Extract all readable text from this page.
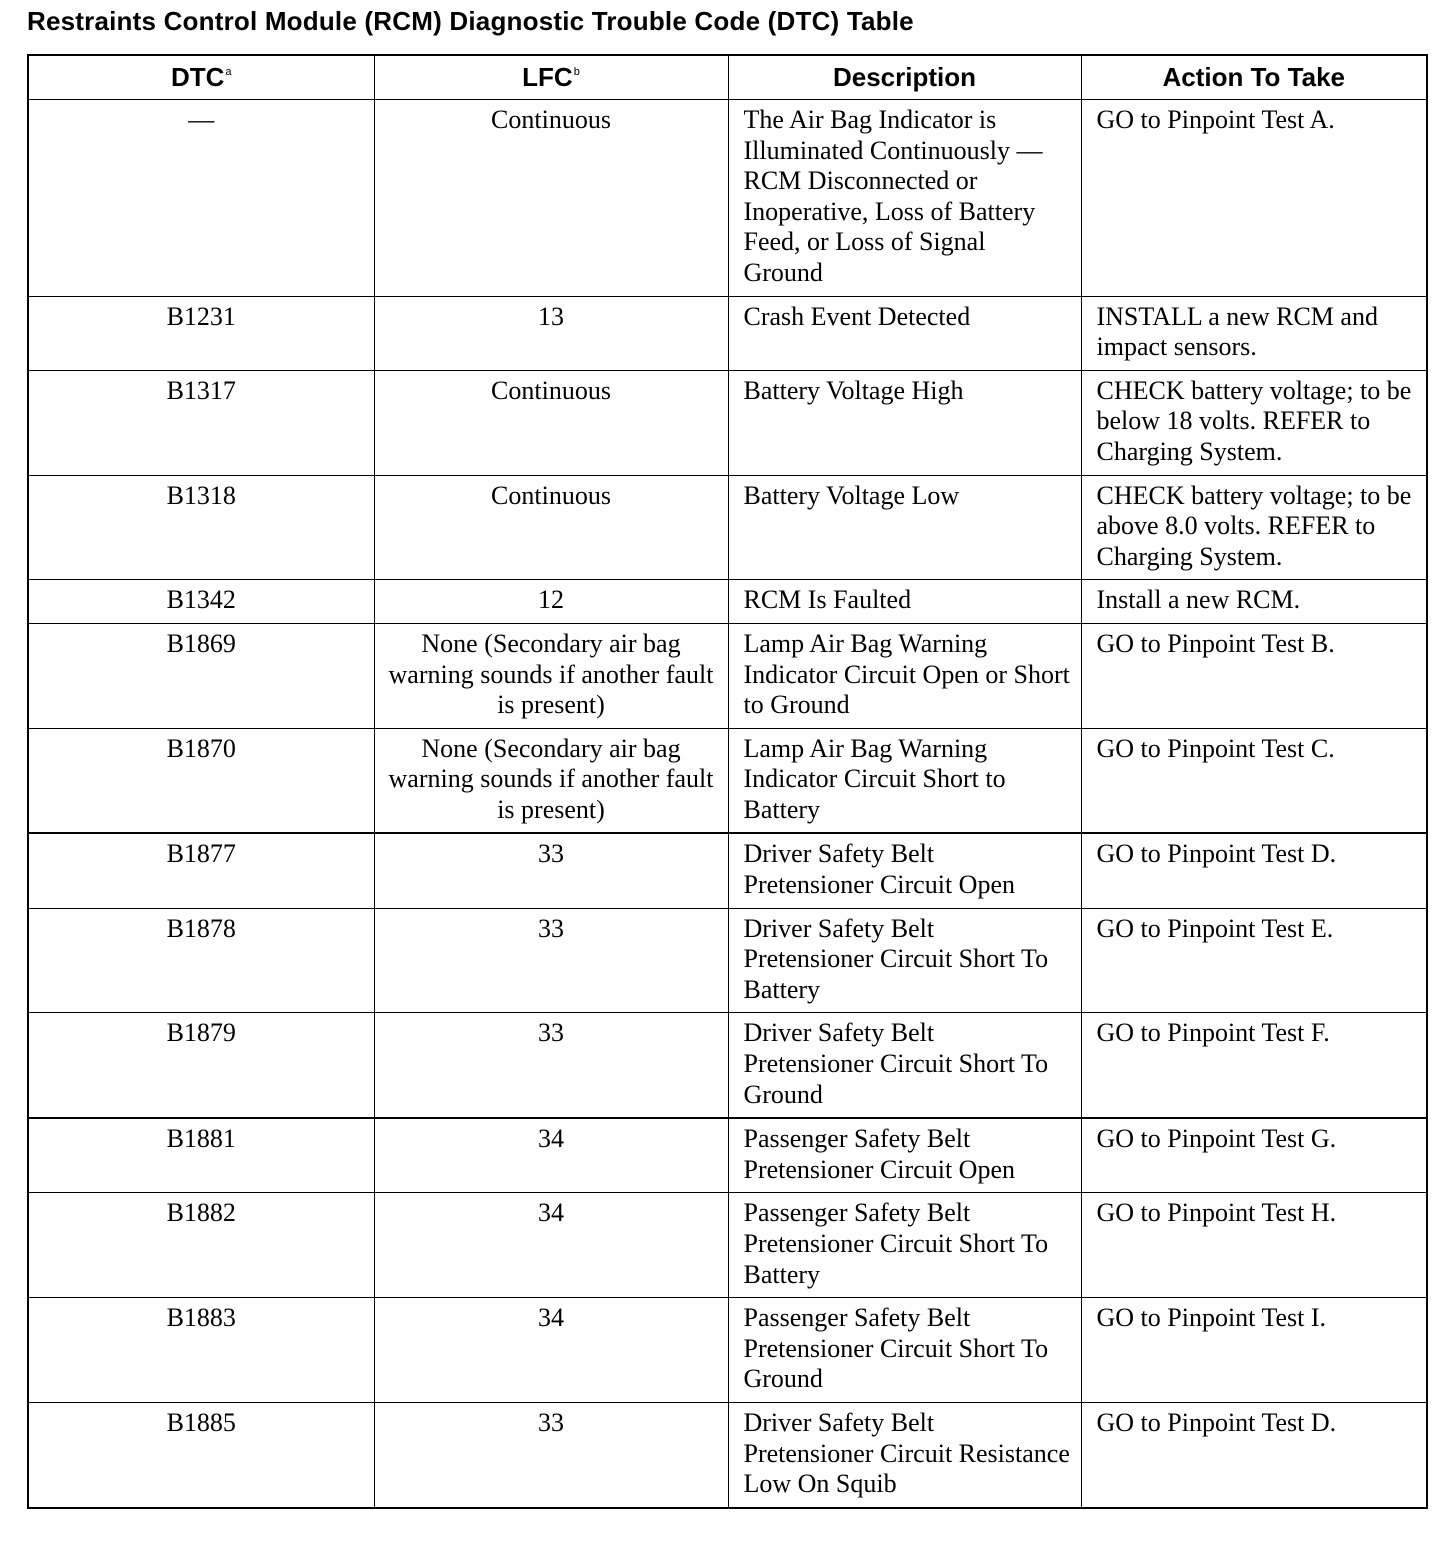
Restraints Control Module (RCM) Diagnostic Trouble Code (DTC) Table
DTC$^a$	LFC$^b$	Description	Action To Take
—	Continuous	The Air Bag Indicator is Illuminated Continuously — RCM Disconnected or Inoperative, Loss of Battery Feed, or Loss of Signal Ground	GO to Pinpoint Test A.
B1231	13	Crash Event Detected	INSTALL a new RCM and impact sensors.
B1317	Continuous	Battery Voltage High	CHECK battery voltage; to be below 18 volts. REFER to Charging System.
B1318	Continuous	Battery Voltage Low	CHECK battery voltage; to be above 8.0 volts. REFER to Charging System.
B1342	12	RCM Is Faulted	Install a new RCM.
B1869	None (Secondary air bag warning sounds if another fault is present)	Lamp Air Bag Warning Indicator Circuit Open or Short to Ground	GO to Pinpoint Test B.
B1870	None (Secondary air bag warning sounds if another fault is present)	Lamp Air Bag Warning Indicator Circuit Short to Battery	GO to Pinpoint Test C.
B1877	33	Driver Safety Belt Pretensioner Circuit Open	GO to Pinpoint Test D.
B1878	33	Driver Safety Belt Pretensioner Circuit Short To Battery	GO to Pinpoint Test E.
B1879	33	Driver Safety Belt Pretensioner Circuit Short To Ground	GO to Pinpoint Test F.
B1881	34	Passenger Safety Belt Pretensioner Circuit Open	GO to Pinpoint Test G.
B1882	34	Passenger Safety Belt Pretensioner Circuit Short To Battery	GO to Pinpoint Test H.
B1883	34	Passenger Safety Belt Pretensioner Circuit Short To Ground	GO to Pinpoint Test I.
B1885	33	Driver Safety Belt Pretensioner Circuit Resistance Low On Squib	GO to Pinpoint Test D.
